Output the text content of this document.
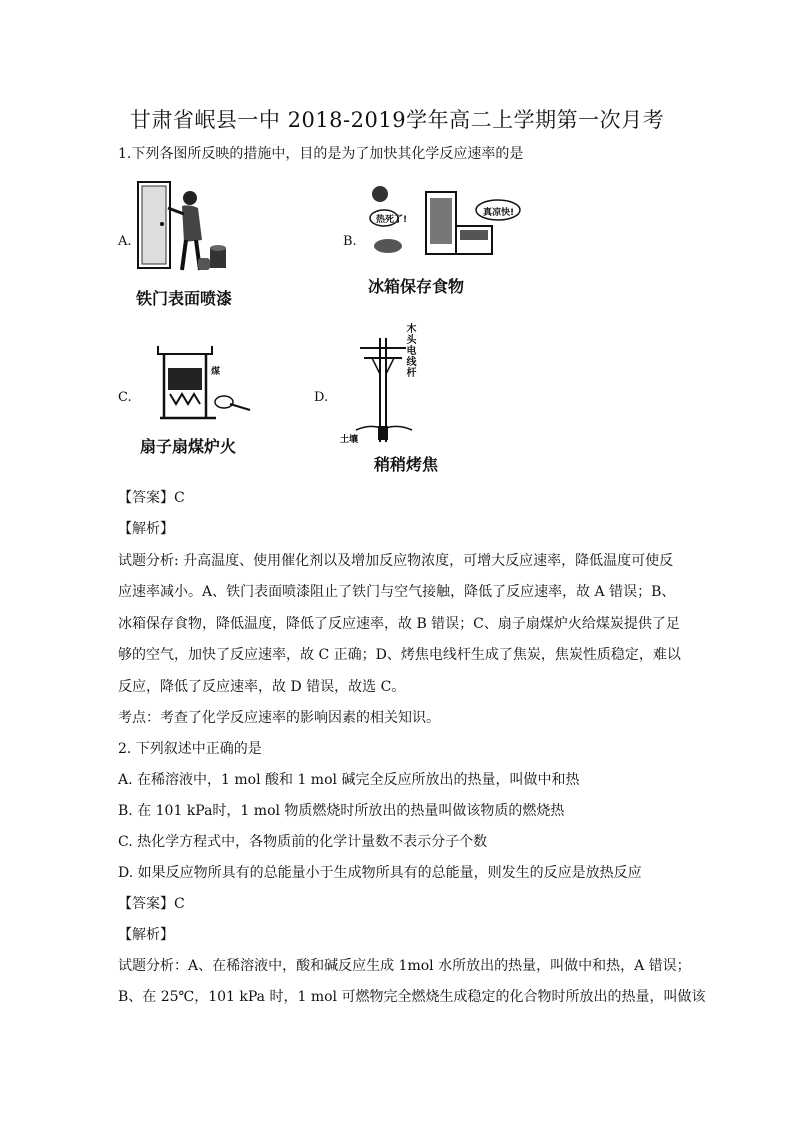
甘肃省岷县一中 2018-2019学年高二上学期第一次月考
1.下列各图所反映的措施中，目的是为了加快其化学反应速率的是
A.
铁门表面喷漆
B.
热死了!
真凉快!
冰箱保存食物
C.
煤
扇子扇煤炉火
D.
木头电线杆
土壤
稍稍烤焦
【答案】C
【解析】
试题分析: 升高温度、使用催化剂以及增加反应物浓度，可增大反应速率，降低温度可使反
应速率减小。A、铁门表面喷漆阻止了铁门与空气接触，降低了反应速率，故 A 错误；B、
冰箱保存食物，降低温度，降低了反应速率，故 B 错误；C、扇子扇煤炉火给煤炭提供了足
够的空气，加快了反应速率，故 C 正确；D、烤焦电线杆生成了焦炭，焦炭性质稳定，难以
反应，降低了反应速率，故 D 错误，故选 C。
考点：考查了化学反应速率的影响因素的相关知识。
2. 下列叙述中正确的是
A. 在稀溶液中，1 mol 酸和 1 mol 碱完全反应所放出的热量，叫做中和热
B. 在 101 kPa时，1 mol 物质燃烧时所放出的热量叫做该物质的燃烧热
C. 热化学方程式中，各物质前的化学计量数不表示分子个数
D. 如果反应物所具有的总能量小于生成物所具有的总能量，则发生的反应是放热反应
【答案】C
【解析】
试题分析：A、在稀溶液中，酸和碱反应生成 1mol 水所放出的热量，叫做中和热，A 错误；
B、在 25℃，101 kPa 时，1 mol 可燃物完全燃烧生成稳定的化合物时所放出的热量，叫做该
